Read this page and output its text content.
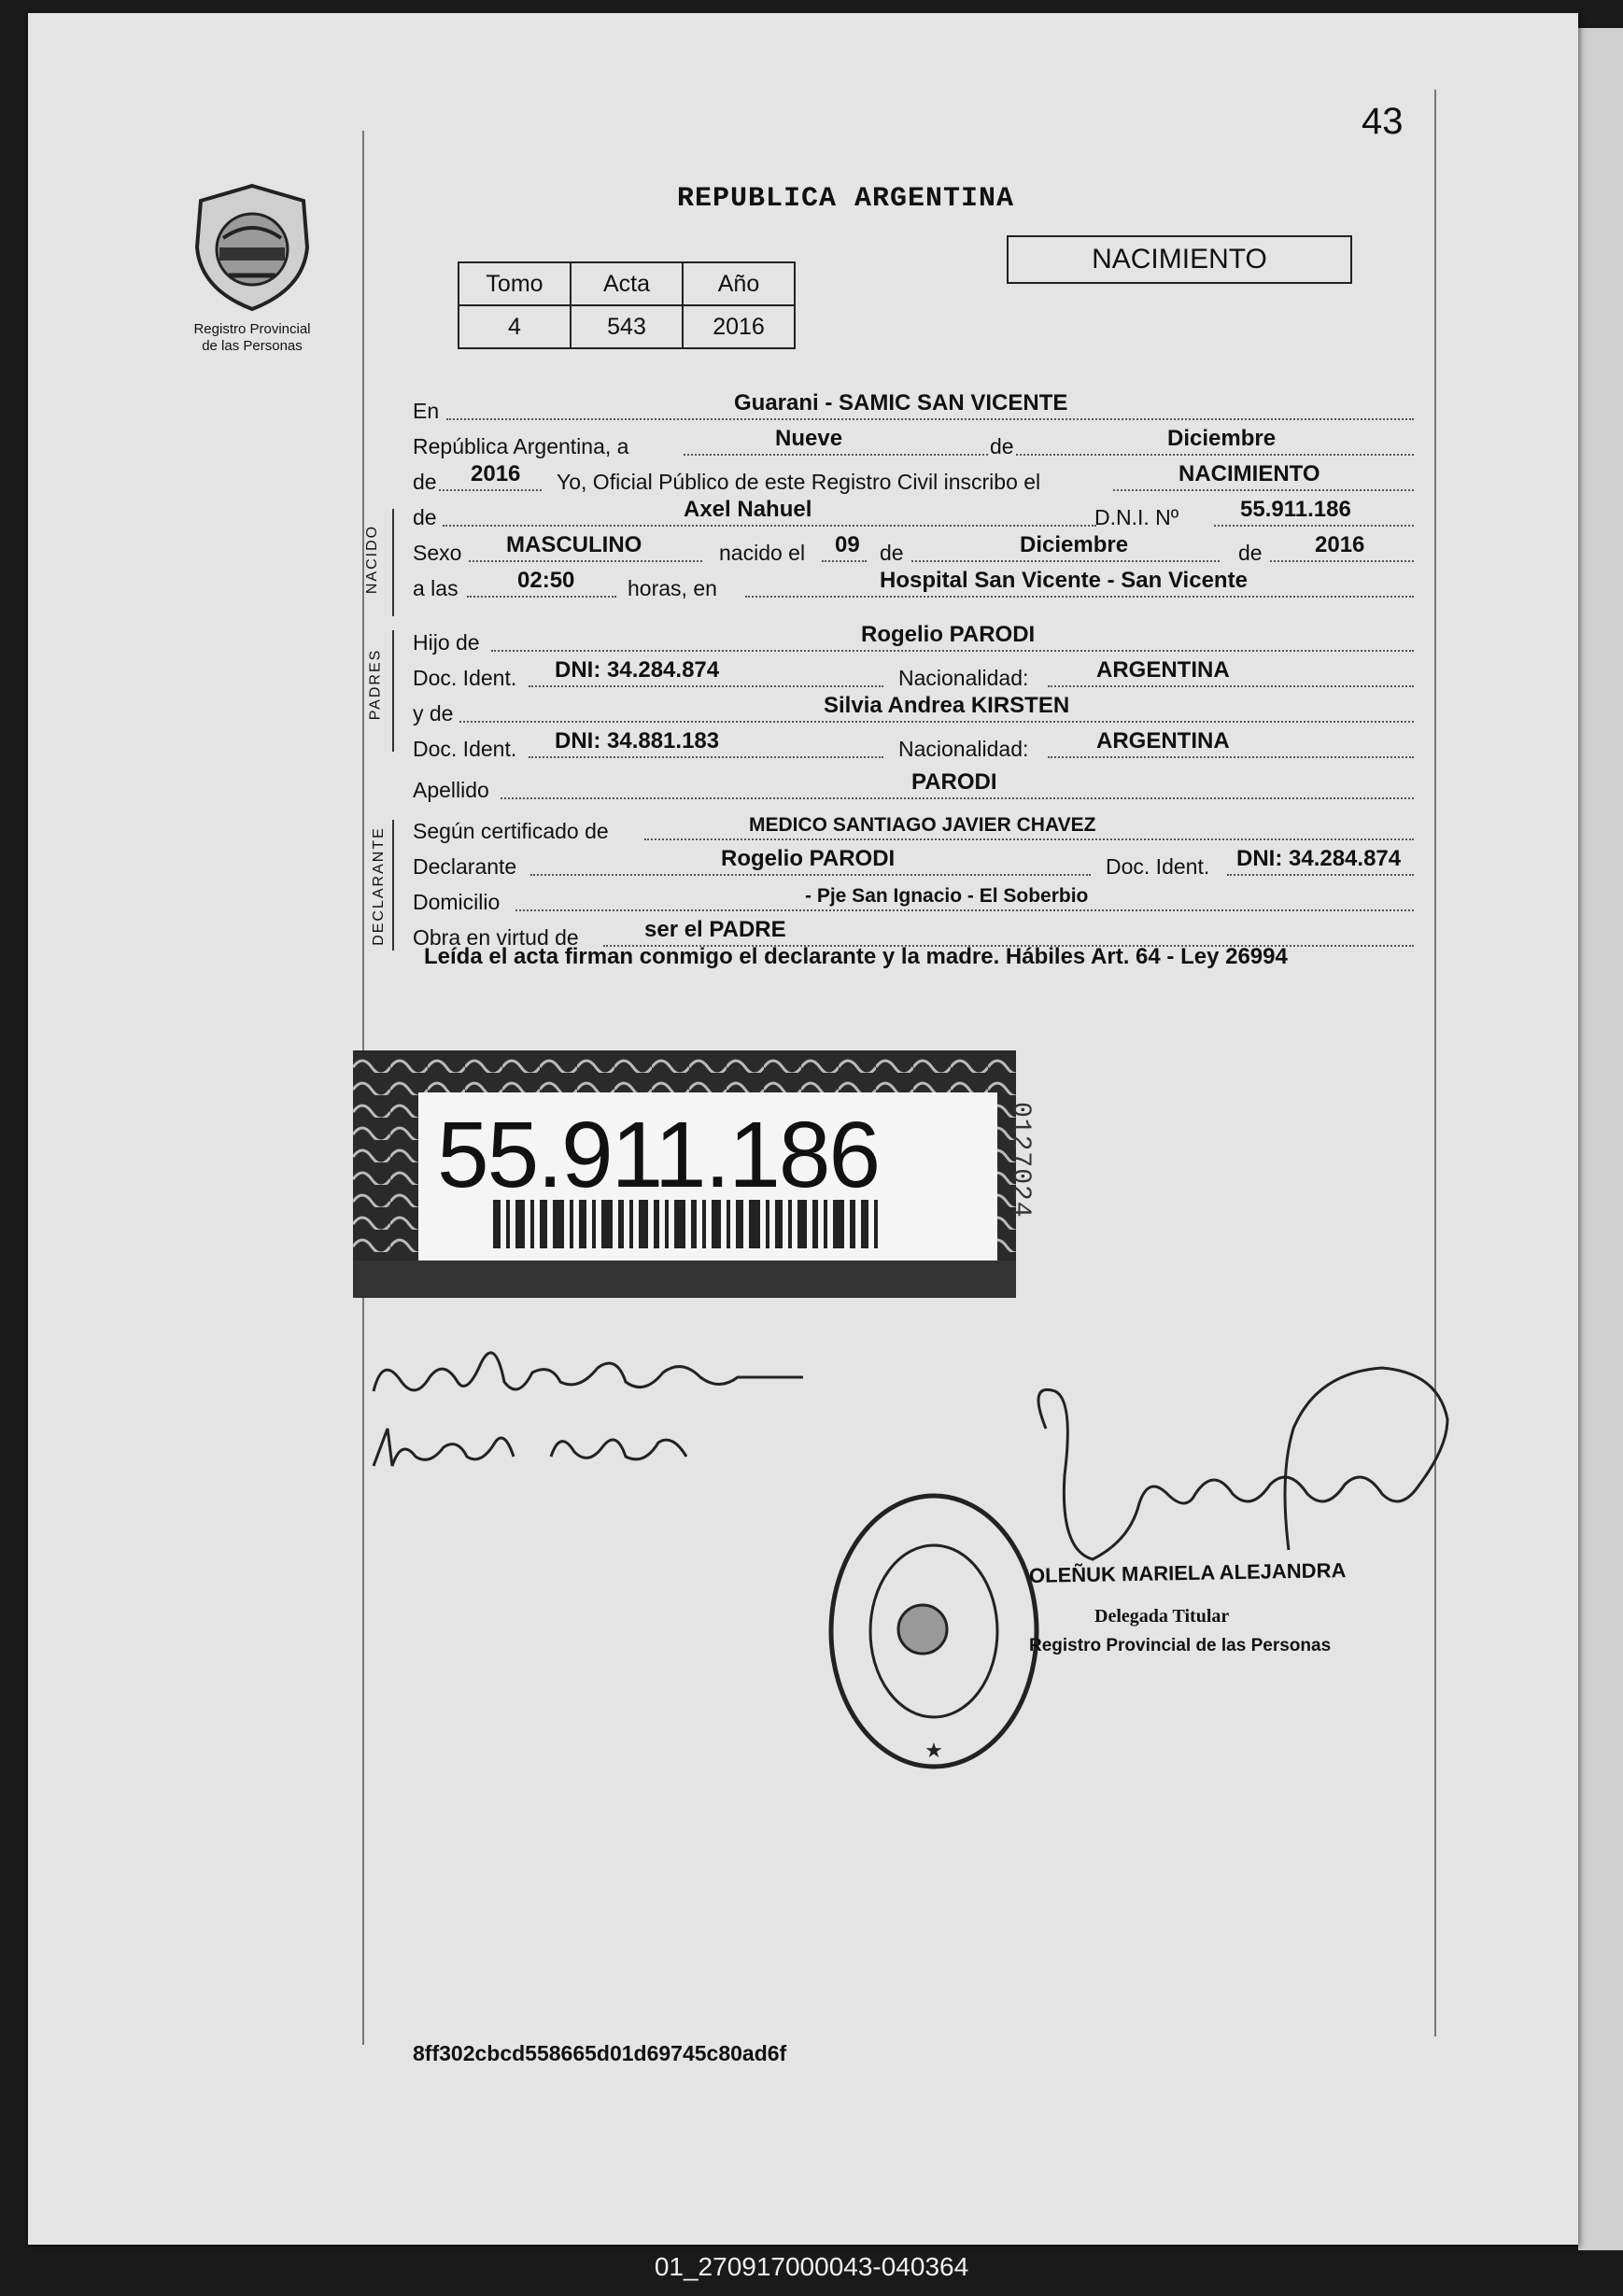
43
Registro Provincial
de las Personas
REPUBLICA ARGENTINA
Tomo	Acta	Año
4	543	2016
NACIMIENTO
En	Guarani - SAMIC SAN VICENTE
República Argentina, a	Nueve	de	Diciembre
de 2016 Yo, Oficial Público de este Registro Civil inscribo el	NACIMIENTO
NACIDO
de	Axel Nahuel	D.N.I. Nº	55.911.186
Sexo MASCULINO	nacido el 09 de	Diciembre	de 2016
a las	02:50 horas, en	Hospital San Vicente - San Vicente
PADRES
Hijo de	Rogelio PARODI
Doc. Ident. DNI: 34.284.874	Nacionalidad:	ARGENTINA
y de	Silvia Andrea KIRSTEN
Doc. Ident. DNI: 34.881.183	Nacionalidad:	ARGENTINA
Apellido	PARODI
DECLARANTE Según certificado de	MEDICO SANTIAGO JAVIER CHAVEZ
Declarante	Rogelio PARODI	Doc. Ident. DNI: 34.284.874
Domicilio	- Pje San Ignacio - El Soberbio
Obra en virtud de	ser el PADRE
Leída el acta firman conmigo el declarante y la madre. Hábiles Art. 64 - Ley 26994
55.911.186	0127024
★
OLEÑUK MARIELA ALEJANDRA
Delegada Titular
Registro Provincial de las Personas
8ff302cbcd558665d01d69745c80ad6f
01_270917000043-040364
